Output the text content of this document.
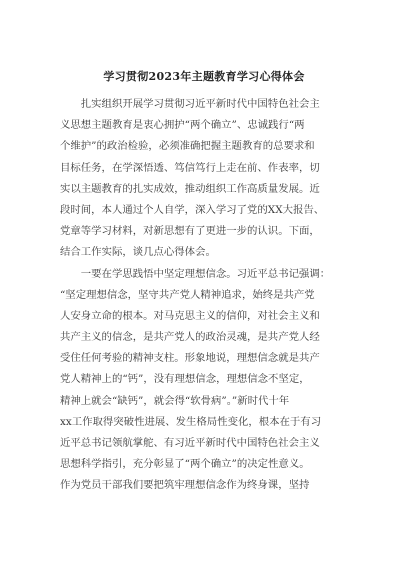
学习贯彻2023年主题教育学习心得体会

　　扎实组织开展学习贯彻习近平新时代中国特色社会主
义思想主题教育是衷心拥护“两个确立”、忠诚践行“两
个维护”的政治检验，必须准确把握主题教育的总要求和
目标任务，在学深悟透、笃信笃行上走在前、作表率，切
实以主题教育的扎实成效，推动组织工作高质量发展。近
段时间，本人通过个人自学，深入学习了党的XX大报告、
党章等学习材料，对新思想有了更进一步的认识。下面，
结合工作实际，谈几点心得体会。

　　一要在学思践悟中坚定理想信念。习近平总书记强调：
“坚定理想信念，坚守共产党人精神追求，始终是共产党
人安身立命的根本。对马克思主义的信仰，对社会主义和
共产主义的信念，是共产党人的政治灵魂，是共产党人经
受住任何考验的精神支柱。形象地说，理想信念就是共产
党人精神上的“钙”，没有理想信念，理想信念不坚定，
精神上就会“缺钙”，就会得“软骨病”。”新时代十年
xx工作取得突破性进展、发生格局性变化，根本在于有习
近平总书记领航掌舵、有习近平新时代中国特色社会主义
思想科学指引，充分彰显了“两个确立”的决定性意义。
作为党员干部我们要把筑牢理想信念作为终身课，坚持
